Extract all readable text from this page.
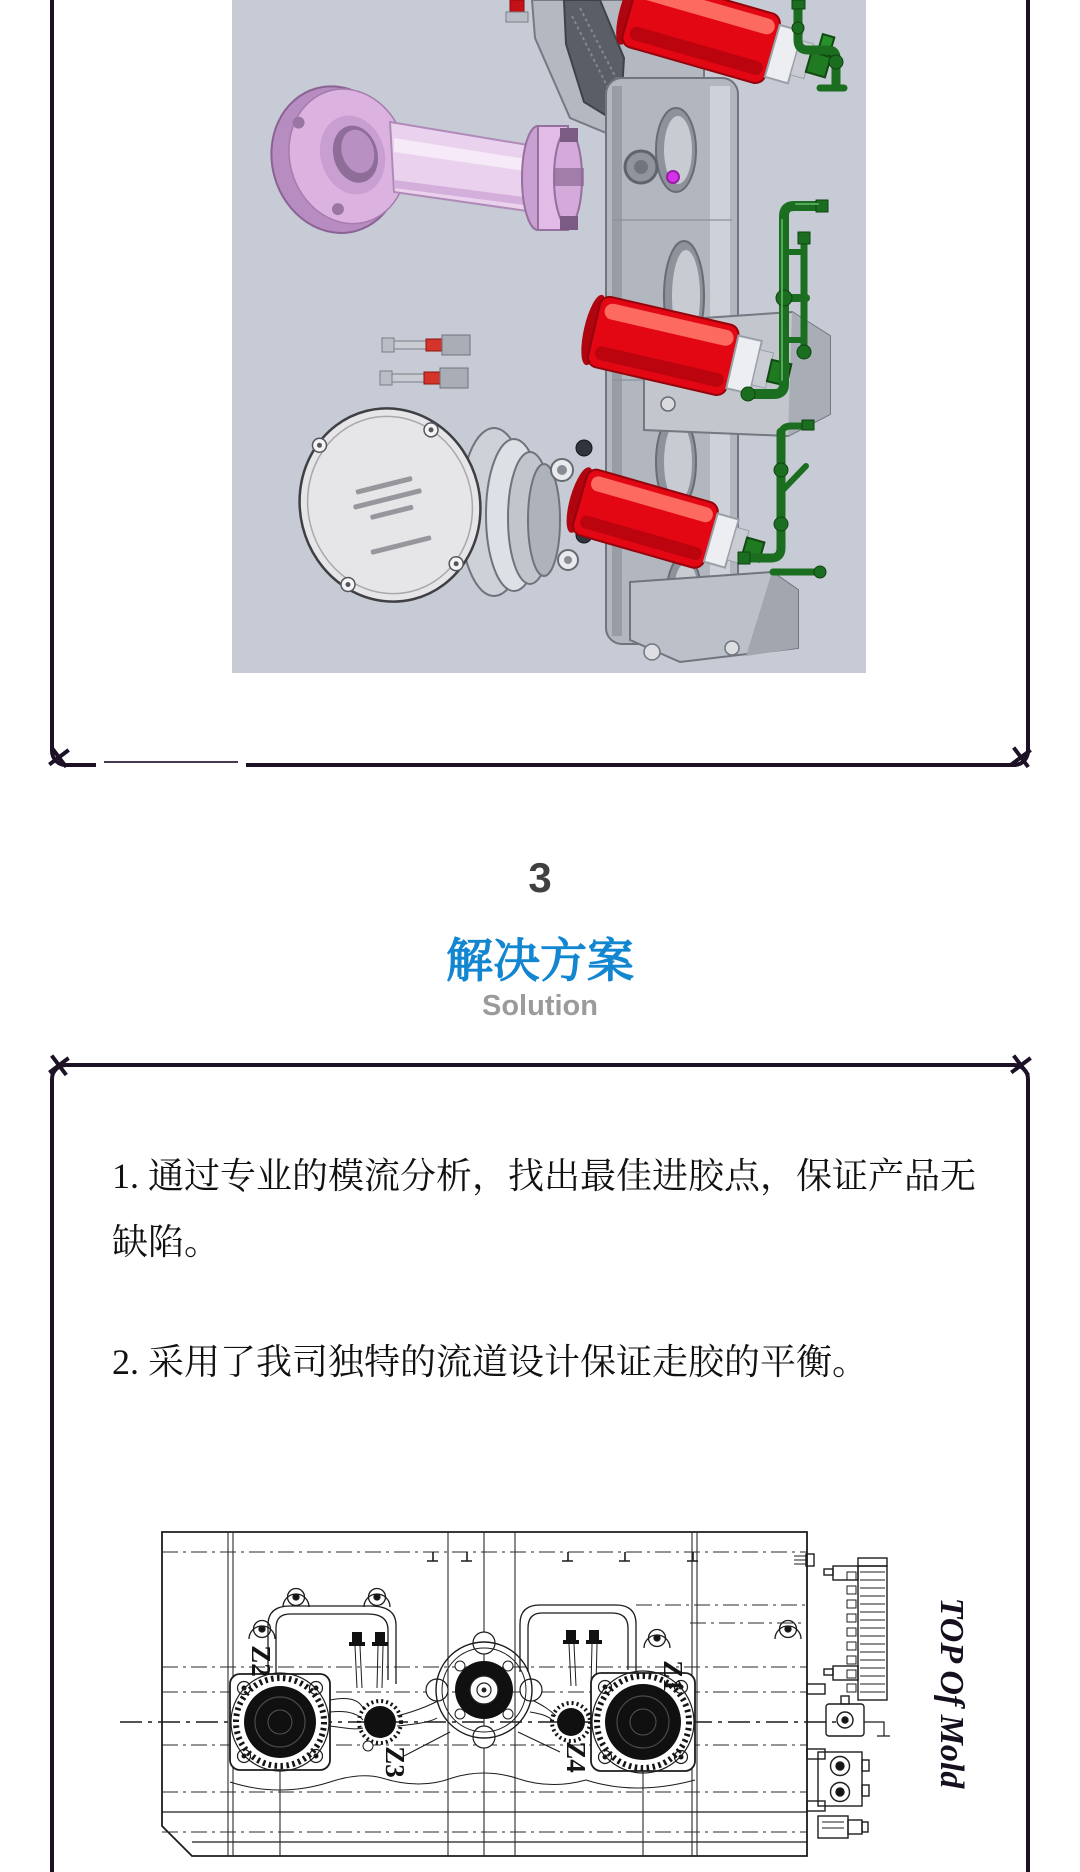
×	×
3
解决方案
Solution
×	×
1. 通过专业的模流分析，找出最佳进胶点，保证产品无
缺陷。
2. 采用了我司独特的流道设计保证走胶的平衡。
Z2
Z3	Z4
Z1	TOP Of Mold
